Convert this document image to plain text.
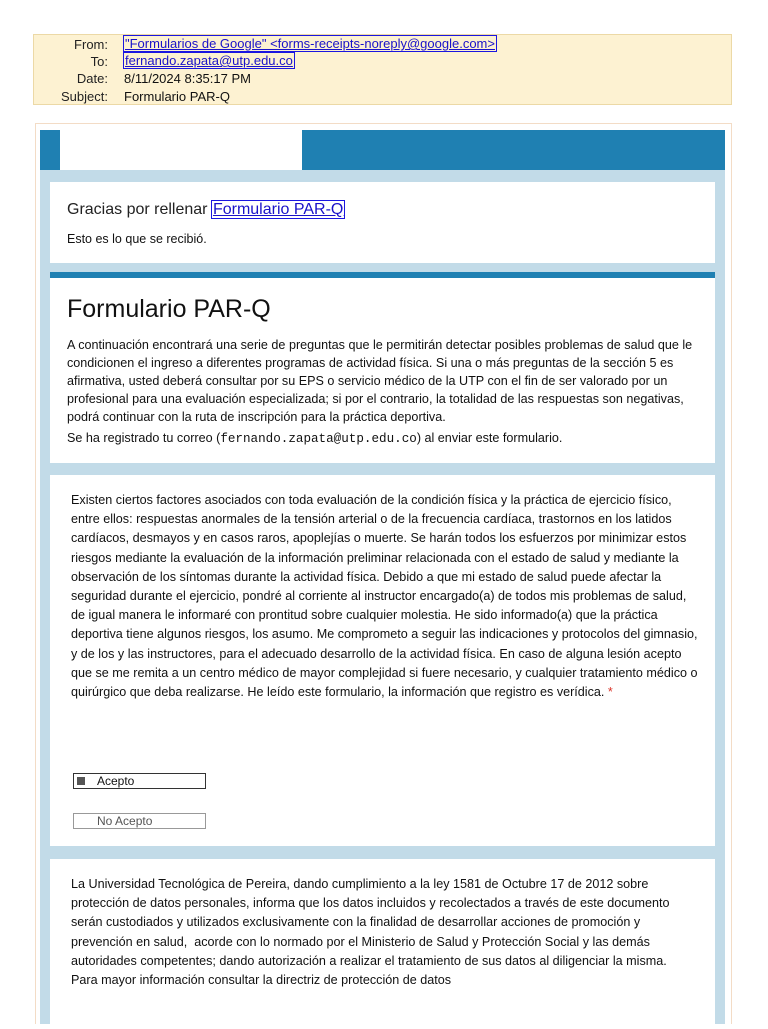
From: "Formularios de Google" <forms-receipts-noreply@google.com>
To: fernando.zapata@utp.edu.co
Date: 8/11/2024 8:35:17 PM
Subject: Formulario PAR-Q
Gracias por rellenar Formulario PAR-Q
Esto es lo que se recibió.
Formulario PAR-Q
A continuación encontrará una serie de preguntas que le permitirán detectar posibles problemas de salud que le condicionen el ingreso a diferentes programas de actividad física. Si una o más preguntas de la sección 5 es afirmativa, usted deberá consultar por su EPS o servicio médico de la UTP con el fin de ser valorado por un profesional para una evaluación especializada; si por el contrario, la totalidad de las respuestas son negativas, podrá continuar con la ruta de inscripción para la práctica deportiva.
Se ha registrado tu correo (fernando.zapata@utp.edu.co) al enviar este formulario.
Existen ciertos factores asociados con toda evaluación de la condición física y la práctica de ejercicio físico, entre ellos: respuestas anormales de la tensión arterial o de la frecuencia cardíaca, trastornos en los latidos cardíacos, desmayos y en casos raros, apoplejías o muerte. Se harán todos los esfuerzos por minimizar estos riesgos mediante la evaluación de la información preliminar relacionada con el estado de salud y mediante la observación de los síntomas durante la actividad física. Debido a que mi estado de salud puede afectar la seguridad durante el ejercicio, pondré al corriente al instructor encargado(a) de todos mis problemas de salud, de igual manera le informaré con prontitud sobre cualquier molestia. He sido informado(a) que la práctica deportiva tiene algunos riesgos, los asumo. Me comprometo a seguir las indicaciones y protocolos del gimnasio, y de los y las instructores, para el adecuado desarrollo de la actividad física. En caso de alguna lesión acepto que se me remita a un centro médico de mayor complejidad si fuere necesario, y cualquier tratamiento médico o quirúrgico que deba realizarse. He leído este formulario, la información que registro es verídica. *
Acepto
No Acepto
La Universidad Tecnológica de Pereira, dando cumplimiento a la ley 1581 de Octubre 17 de 2012 sobre protección de datos personales, informa que los datos incluidos y recolectados a través de este documento serán custodiados y utilizados exclusivamente con la finalidad de desarrollar acciones de promoción y prevención en salud,  acorde con lo normado por el Ministerio de Salud y Protección Social y las demás autoridades competentes; dando autorización a realizar el tratamiento de sus datos al diligenciar la misma.       Para mayor información consultar la directriz de protección de datos
